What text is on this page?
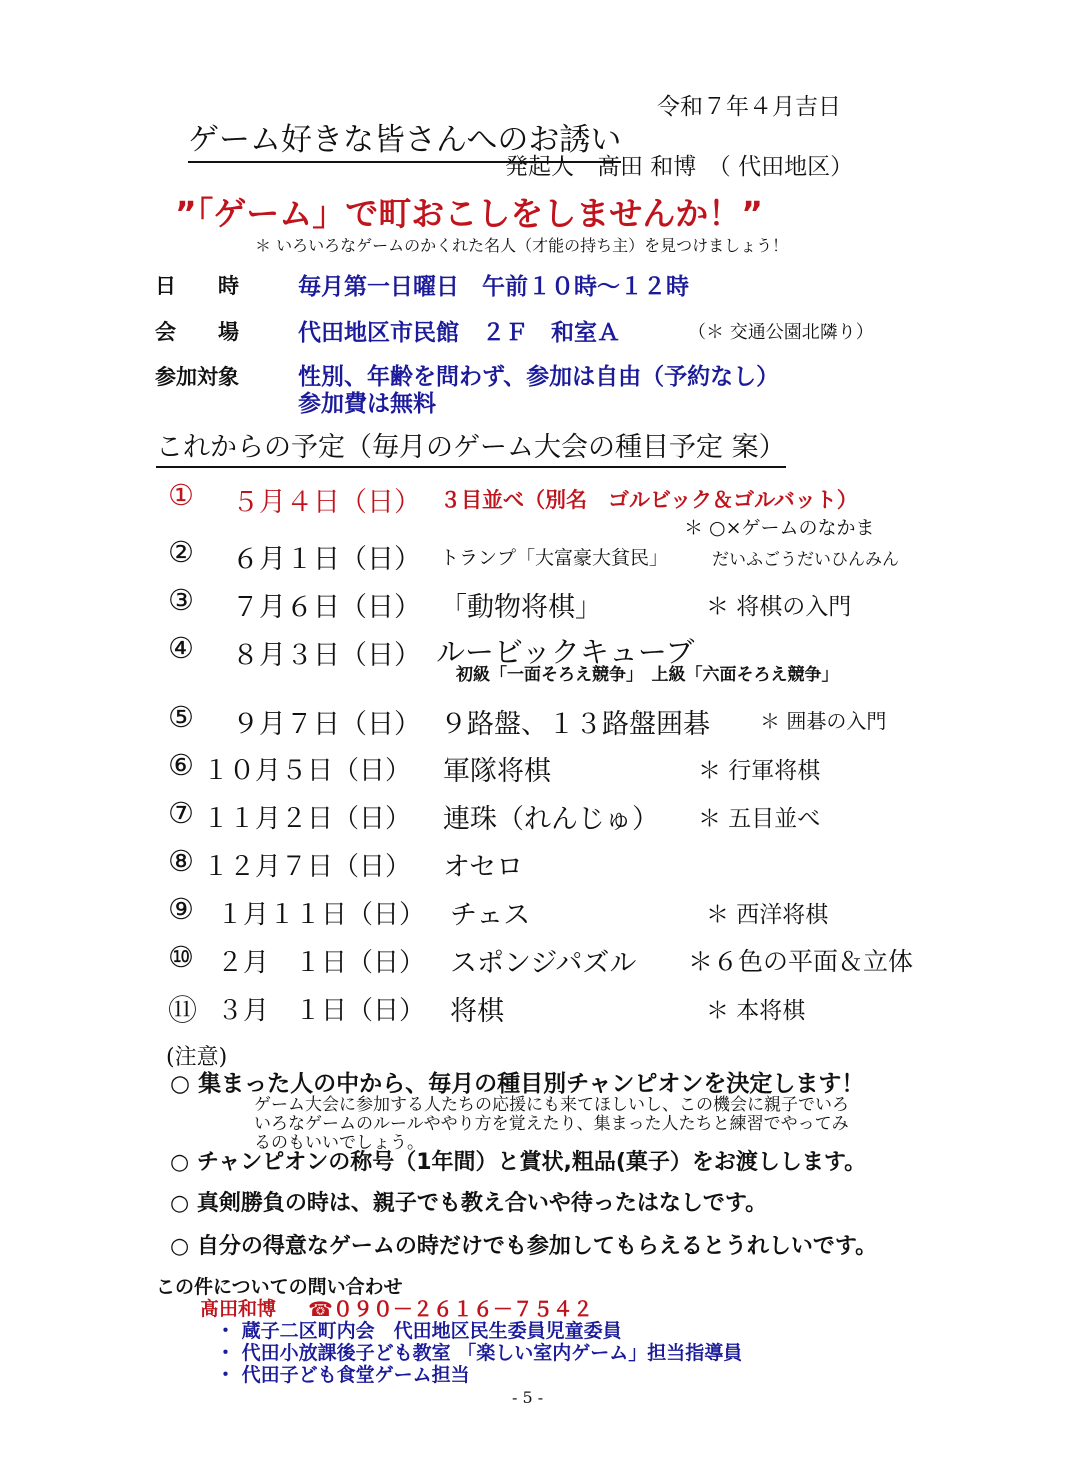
令和７年４月吉日
ゲーム好きな皆さんへのお誘い
発起人　髙田 和博　（ 代田地区）
”「ゲーム」で町おこしをしませんか！”
＊ いろいろなゲームのかくれた名人（才能の持ち主）を見つけましょう！
日　　時	毎月第一日曜日　午前１０時～１２時
会　　場	代田地区市民館　２Ｆ　和室Ａ	（＊ 交通公園北隣り）
参加対象	性別、年齢を問わず、参加は自由（予約なし）
参加費は無料
これからの予定（毎月のゲーム大会の種目予定 案）
① ５月４日（日） ３目並べ（別名　ゴルビック＆ゴルバット）
＊ ○×ゲームのなかま
② ６月１日（日） トランプ「大富豪大貧民」	だいふごうだいひんみん
③ ７月６日（日） 「動物将棋」	＊ 将棋の入門
④ ８月３日（日） ルービックキューブ
初級「一面そろえ競争」　上級「六面そろえ競争」
⑤ ９月７日（日） ９路盤、１３路盤囲碁	＊ 囲碁の入門
⑥ １０月５日（日） 軍隊将棋	＊ 行軍将棋
⑦ １１月２日（日） 連珠（れんじゅ） ＊ 五目並べ
⑧ １２月７日（日） オセロ
⑨ １月１１日（日） チェス	＊ 西洋将棋
⑩ ２月　１日（日） スポンジパズル ＊６色の平面＆立体
⑪ ３月　１日（日） 将棋	＊ 本将棋
(注意)
○ 集まった人の中から、毎月の種目別チャンピオンを決定します！
ゲーム大会に参加する人たちの応援にも来てほしいし、この機会に親子でいろ
いろなゲームのルールややり方を覚えたり、集まった人たちと練習でやってみ
るのもいいでしょう。
○ チャンピオンの称号（1年間）と賞状,粗品(菓子）をお渡しします。
○ 真剣勝負の時は、親子でも教え合いや待ったはなしです。
○ 自分の得意なゲームの時だけでも参加してもらえるとうれしいです。
この件についての問い合わせ
髙田和博 ☎０９０－２６１６－７５４２
・ 蔵子二区町内会　代田地区民生委員児童委員
・ 代田小放課後子ども教室 「楽しい室内ゲーム」担当指導員
・ 代田子ども食堂ゲーム担当
- 5 -
